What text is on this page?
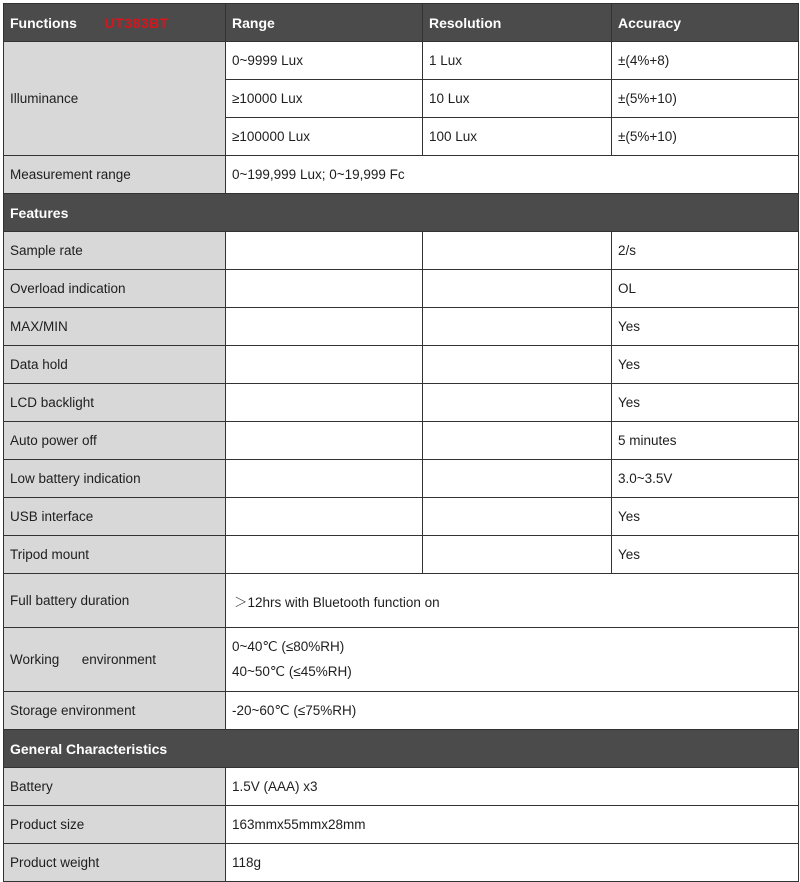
Functions UT383BT	Range	Resolution	Accuracy
Illuminance	0~9999 Lux	1 Lux	±(4%+8)
	≥10000 Lux	10 Lux	±(5%+10)
	≥100000 Lux	100 Lux	±(5%+10)
Measurement range	0~199,999 Lux; 0~19,999 Fc		
Features			
Sample rate			2/s
Overload indication			OL
MAX/MIN			Yes
Data hold			Yes
LCD backlight			Yes
Auto power off			5 minutes
Low battery indication			3.0~3.5V
USB interface			Yes
Tripod mount			Yes
Full battery duration	＞12hrs with Bluetooth function on		
Working      environment	0~40℃ (≤80%RH)
40~50℃ (≤45%RH)		

Storage environment	-20~60℃ (≤75%RH)		
General Characteristics			
Battery	1.5V (AAA) x3		
Product size	163mmx55mmx28mm		
Product weight	118g		
